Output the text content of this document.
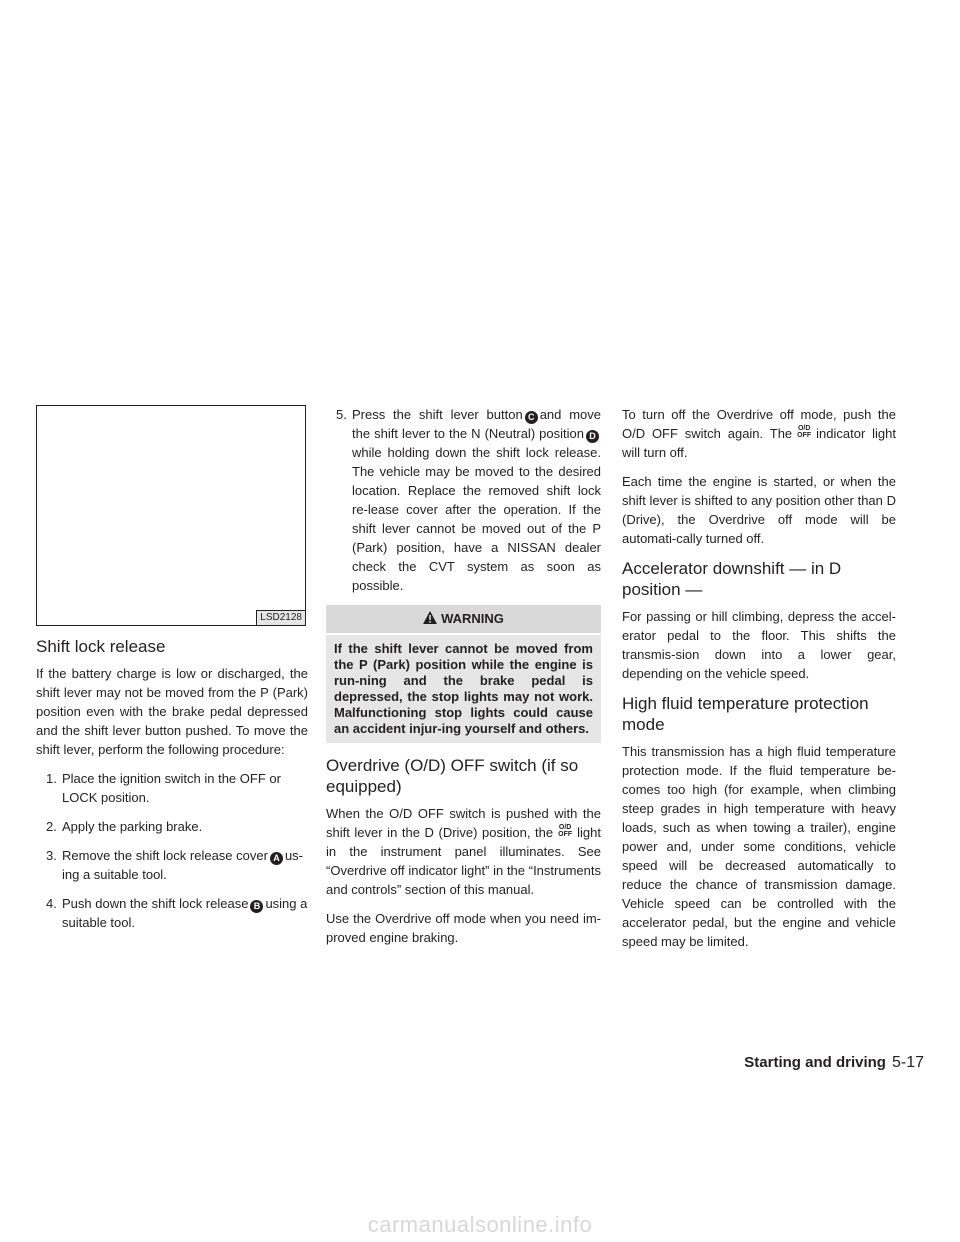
LSD2128
Shift lock release

If the battery charge is low or discharged, the shift lever may not be moved from the P (Park) position even with the brake pedal depressed and the shift lever button pushed. To move the shift lever, perform the following procedure:

1. Place the ignition switch in the OFF or LOCK position.
2. Apply the parking brake.
3. Remove the shift lock release cover A us-ing a suitable tool.
4. Push down the shift lock release B using a suitable tool.
5. Press the shift lever button C and move the shift lever to the N (Neutral) position Dwhile holding down the shift lock release. The vehicle may be moved to the desired location. Replace the removed shift lock re-lease cover after the operation. If the shift lever cannot be moved out of the P (Park) position, have a NISSAN dealer check the CVT system as soon as possible.
WARNING
If the shift lever cannot be moved from the P (Park) position while the engine is run-ning and the brake pedal is depressed, the stop lights may not work. Malfunctioning stop lights could cause an accident injur-ing yourself and others.
Overdrive (O/D) OFF switch (if so equipped)

When the O/D OFF switch is pushed with the shift lever in the D (Drive) position, the O/D
OFF light in the instrument panel illuminates. See “Overdrive off indicator light” in the “Instruments and controls” section of this manual.

Use the Overdrive off mode when you need im-proved engine braking.

To turn off the Overdrive off mode, push the O/D OFF switch again. The O/D
OFF indicator light will turn off.

Each time the engine is started, or when the shift lever is shifted to any position other than D (Drive), the Overdrive off mode will be automati-cally turned off.

Accelerator downshift — in D position —

For passing or hill climbing, depress the accel-erator pedal to the floor. This shifts the transmis-sion down into a lower gear, depending on the vehicle speed.

High fluid temperature protection mode

This transmission has a high fluid temperature protection mode. If the fluid temperature be-comes too high (for example, when climbing steep grades in high temperature with heavy loads, such as when towing a trailer), engine power and, under some conditions, vehicle speed will be decreased automatically to reduce the chance of transmission damage. Vehicle speed can be controlled with the accelerator pedal, but the engine and vehicle speed may be limited.

Starting and driving 5-17
carmanualsonline.info
